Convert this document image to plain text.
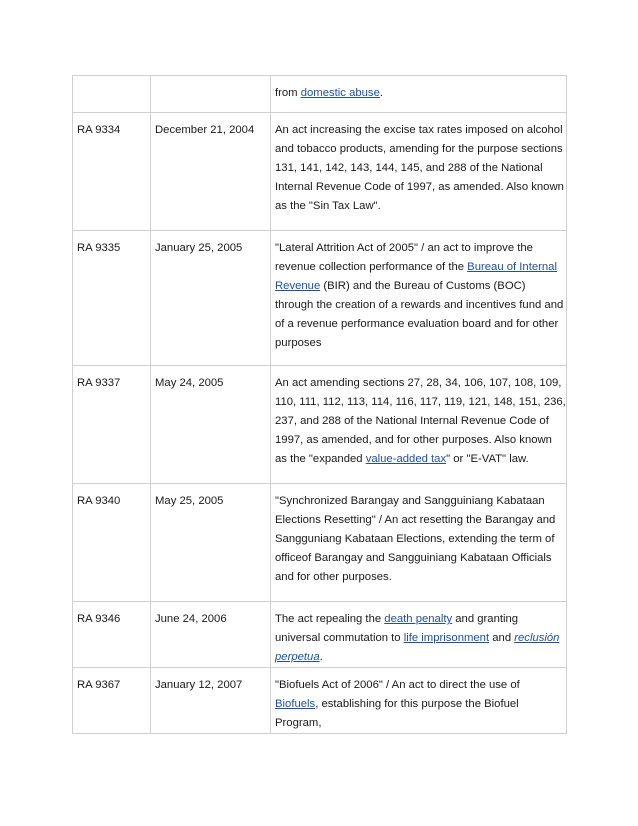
		from domestic abuse.

RA 9334	December 21, 2004	An act increasing the excise tax rates imposed on alcohol and tobacco products, amending for the purpose sections 131, 141, 142, 143, 144, 145, and 288 of the National Internal Revenue Code of 1997, as amended. Also known as the "Sin Tax Law".

RA 9335	January 25, 2005	"Lateral Attrition Act of 2005" / an act to improve the revenue collection performance of the Bureau of Internal Revenue (BIR) and the Bureau of Customs (BOC) through the creation of a rewards and incentives fund and of a revenue performance evaluation board and for other purposes

RA 9337	May 24, 2005	An act amending sections 27, 28, 34, 106, 107, 108, 109, 110, 111, 112, 113, 114, 116, 117, 119, 121, 148, 151, 236, 237, and 288 of the National Internal Revenue Code of 1997, as amended, and for other purposes. Also known as the "expanded value-added tax" or "E-VAT" law.

RA 9340	May 25, 2005	"Synchronized Barangay and Sangguiniang Kabataan Elections Resetting" / An act resetting the Barangay and Sangguniang Kabataan Elections, extending the term of officeof Barangay and Sangguiniang Kabataan Officials and for other purposes.

RA 9346	June 24, 2006	The act repealing the death penalty and granting universal commutation to life imprisonment and reclusión perpetua.

RA 9367	January 12, 2007	"Biofuels Act of 2006" / An act to direct the use of Biofuels, establishing for this purpose the Biofuel Program,
